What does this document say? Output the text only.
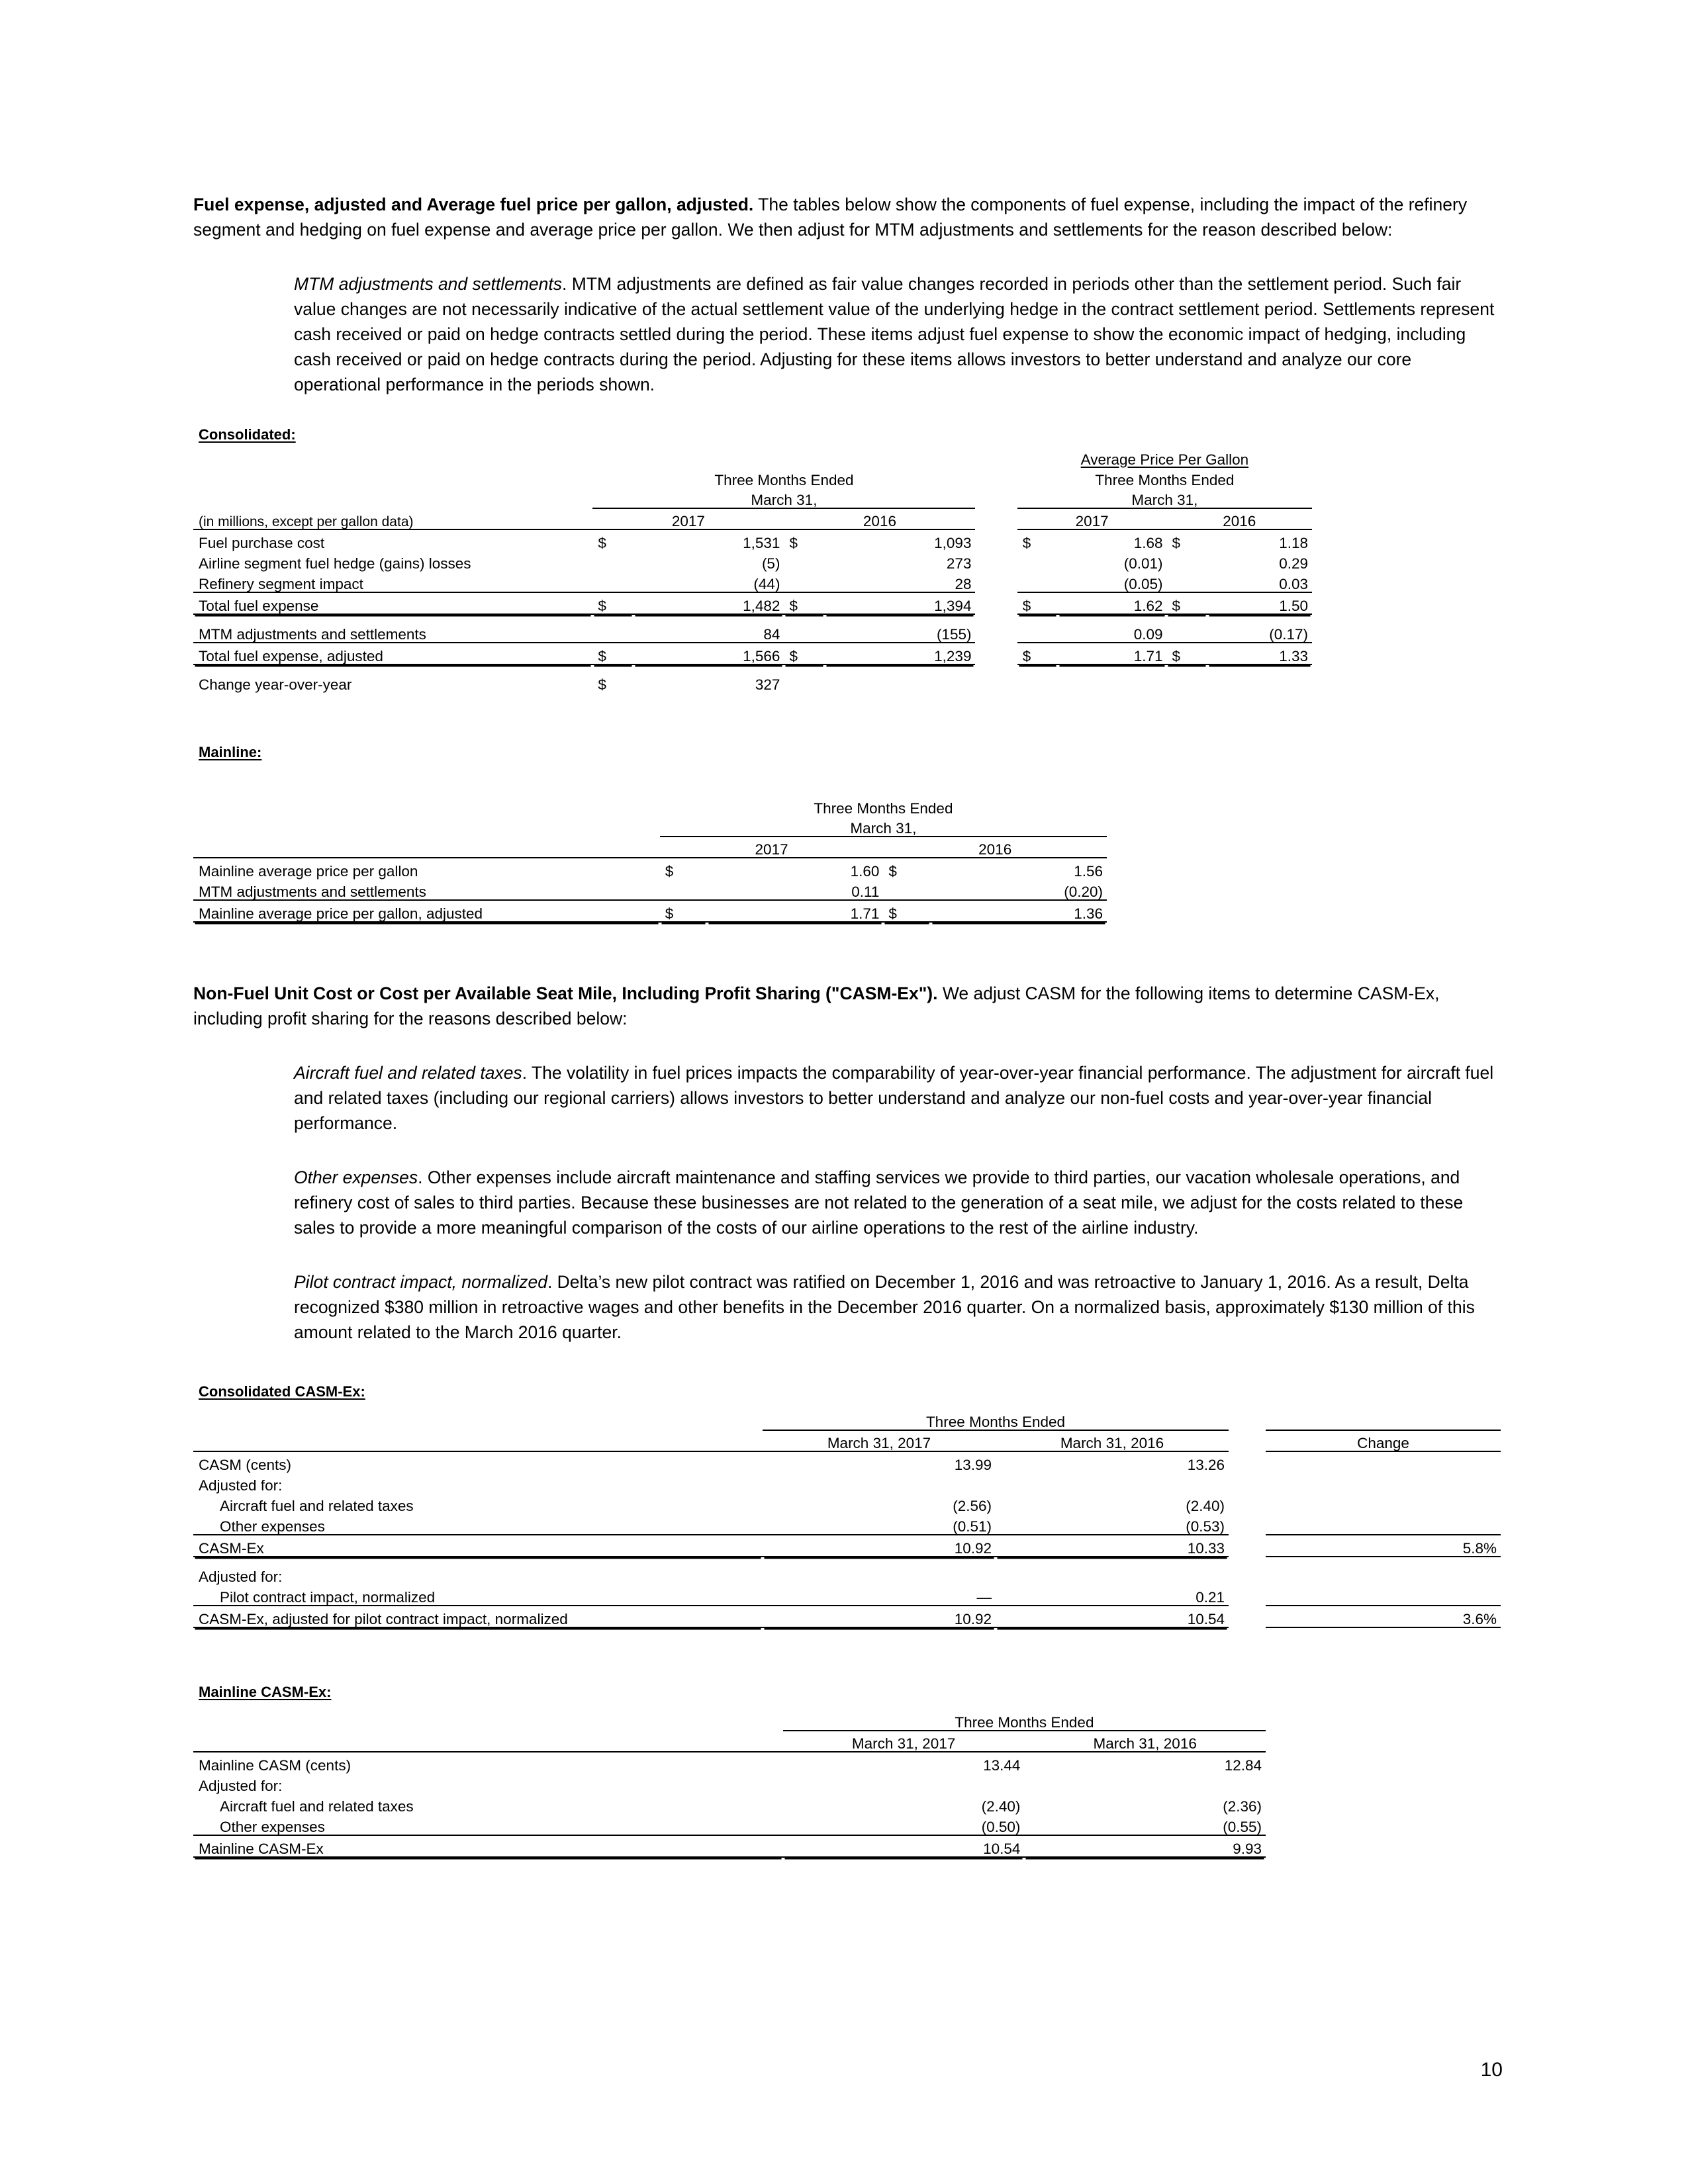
Fuel expense, adjusted and Average fuel price per gallon, adjusted. The tables below show the components of fuel expense, including the impact of the refinery segment and hedging on fuel expense and average price per gallon. We then adjust for MTM adjustments and settlements for the reason described below:

MTM adjustments and settlements. MTM adjustments are defined as fair value changes recorded in periods other than the settlement period. Such fair value changes are not necessarily indicative of the actual settlement value of the underlying hedge in the contract settlement period. Settlements represent cash received or paid on hedge contracts settled during the period. These items adjust fuel expense to show the economic impact of hedging, including cash received or paid on hedge contracts during the period. Adjusting for these items allows investors to better understand and analyze our core operational performance in the periods shown.

Consolidated:
						Average Price Per Gallon			
	Three Months Ended					Three Months Ended			
	March 31,					March 31,			
(in millions, except per gallon data)	2017		2016			2017		2016	
Fuel purchase cost	$	1,531	$	1,093		$	1.68	$	1.18
Airline segment fuel hedge (gains) losses		(5)		273			(0.01)		0.29
Refinery segment impact		(44)		28			(0.05)		0.03
Total fuel expense	$	1,482	$	1,394		$	1.62	$	1.50
MTM adjustments and settlements		84		(155)			0.09		(0.17)
Total fuel expense, adjusted	$	1,566	$	1,239		$	1.71	$	1.33
Change year-over-year	$	327							
Mainline:
	Three Months Ended			
	March 31,			
	2017		2016	
Mainline average price per gallon	$	1.60	$	1.56
MTM adjustments and settlements		0.11		(0.20)
Mainline average price per gallon, adjusted	$	1.71	$	1.36

Non-Fuel Unit Cost or Cost per Available Seat Mile, Including Profit Sharing ("CASM-Ex"). We adjust CASM for the following items to determine CASM-Ex, including profit sharing for the reasons described below:

Aircraft fuel and related taxes. The volatility in fuel prices impacts the comparability of year-over-year financial performance. The adjustment for aircraft fuel and related taxes (including our regional carriers) allows investors to better understand and analyze our non-fuel costs and year-over-year financial performance.

Other expenses. Other expenses include aircraft maintenance and staffing services we provide to third parties, our vacation wholesale operations, and refinery cost of sales to third parties. Because these businesses are not related to the generation of a seat mile, we adjust for the costs related to these sales to provide a more meaningful comparison of the costs of our airline operations to the rest of the airline industry.

Pilot contract impact, normalized. Delta’s new pilot contract was ratified on December 1, 2016 and was retroactive to January 1, 2016. As a result, Delta recognized $380 million in retroactive wages and other benefits in the December 2016 quarter. On a normalized basis, approximately $130 million of this amount related to the March 2016 quarter.

Consolidated CASM-Ex:
	Three Months Ended			
	March 31, 2017	March 31, 2016		Change
CASM (cents)	13.99	13.26		
Adjusted for:				
Aircraft fuel and related taxes	(2.56)	(2.40)		
Other expenses	(0.51)	(0.53)		
CASM-Ex	10.92	10.33		5.8%
Adjusted for:				
Pilot contract impact, normalized	—	0.21		
CASM-Ex, adjusted for pilot contract impact, normalized	10.92	10.54		3.6%
Mainline CASM-Ex:
	Three Months Ended	
	March 31, 2017	March 31, 2016
Mainline CASM (cents)	13.44	12.84
Adjusted for:		
Aircraft fuel and related taxes	(2.40)	(2.36)
Other expenses	(0.50)	(0.55)
Mainline CASM-Ex	10.54	9.93
10
